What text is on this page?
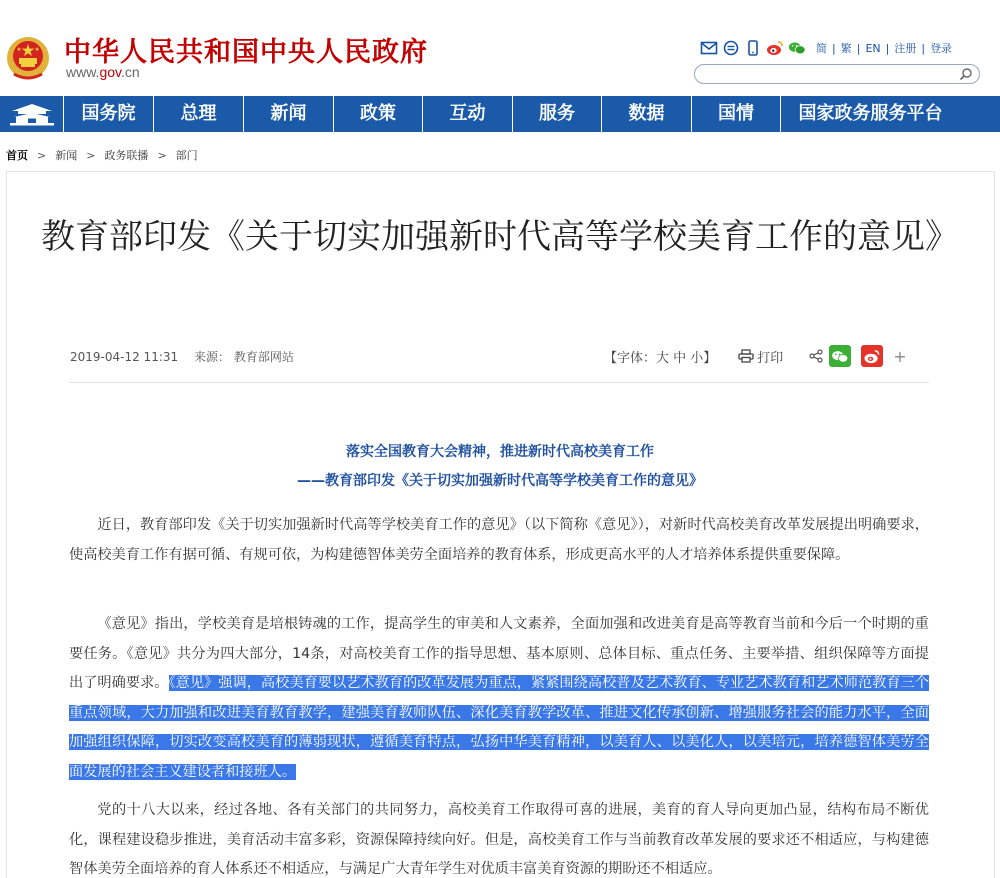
中华人民共和国中央人民政府
www.gov.cn
简 | 繁 | EN | 注册 | 登录
国务院	总理	新闻	政策	互动	服务	数据	国情	国家政务服务平台
首页 > 新闻 > 政务联播 > 部门
教育部印发《关于切实加强新时代高等学校美育工作的意见》
2019-04-12 11:31 来源： 教育部网站	【字体：大 中 小】	打印	+
落实全国教育大会精神，推进新时代高校美育工作
——教育部印发《关于切实加强新时代高等学校美育工作的意见》

近日，教育部印发《关于切实加强新时代高等学校美育工作的意见》（以下简称《意见》），对新时代高校美育改革发展提出明确要求，使高校美育工作有据可循、有规可依，为构建德智体美劳全面培养的教育体系，形成更高水平的人才培养体系提供重要保障。

《意见》指出，学校美育是培根铸魂的工作，提高学生的审美和人文素养，全面加强和改进美育是高等教育当前和今后一个时期的重要任务。《意见》共分为四大部分，14条，对高校美育工作的指导思想、基本原则、总体目标、重点任务、主要举措、组织保障等方面提出了明确要求。《意见》强调，高校美育要以艺术教育的改革发展为重点，紧紧围绕高校普及艺术教育、专业艺术教育和艺术师范教育三个重点领域，大力加强和改进美育教育教学，建强美育教师队伍、深化美育教学改革、推进文化传承创新、增强服务社会的能力水平，全面加强组织保障，切实改变高校美育的薄弱现状，遵循美育特点，弘扬中华美育精神，以美育人、以美化人，以美培元，培养德智体美劳全面发展的社会主义建设者和接班人。

党的十八大以来，经过各地、各有关部门的共同努力，高校美育工作取得可喜的进展，美育的育人导向更加凸显，结构布局不断优化，课程建设稳步推进，美育活动丰富多彩，资源保障持续向好。但是，高校美育工作与当前教育改革发展的要求还不相适应，与构建德智体美劳全面培养的育人体系还不相适应，与满足广大青年学生对优质丰富美育资源的期盼还不相适应。
